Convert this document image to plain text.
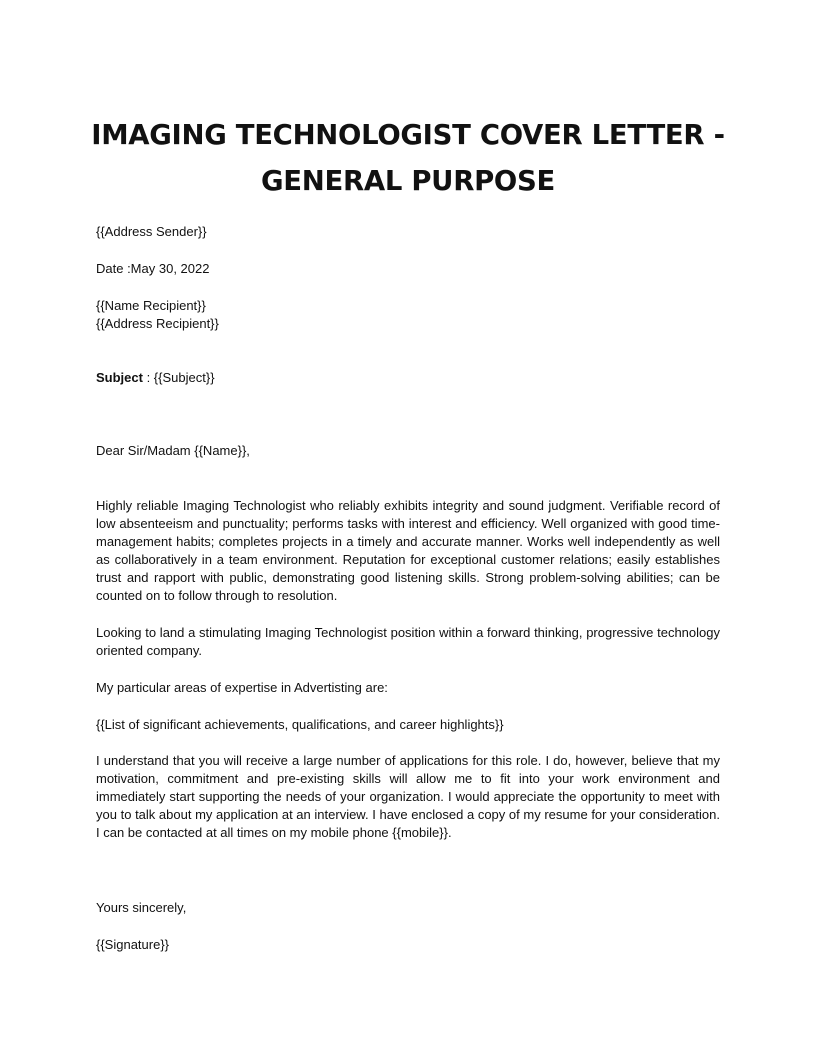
IMAGING TECHNOLOGIST COVER LETTER -
GENERAL PURPOSE
{{Address Sender}}
Date :May 30, 2022
{{Name Recipient}}
{{Address Recipient}}
Subject : {{Subject}}
Dear Sir/Madam {{Name}},

Highly reliable Imaging Technologist who reliably exhibits integrity and sound judgment. Verifiable record of low absenteeism and punctuality; performs tasks with interest and efficiency. Well organized with good time-management habits; completes projects in a timely and accurate manner. Works well independently as well as collaboratively in a team environment. Reputation for exceptional customer relations; easily establishes trust and rapport with public, demonstrating good listening skills. Strong problem-solving abilities; can be counted on to follow through to resolution.

Looking to land a stimulating Imaging Technologist position within a forward thinking, progressive technology oriented company.

My particular areas of expertise in Advertisting are:

{{List of significant achievements, qualifications, and career highlights}}

I understand that you will receive a large number of applications for this role. I do, however, believe that my motivation, commitment and pre-existing skills will allow me to fit into your work environment and immediately start supporting the needs of your organization. I would appreciate the opportunity to meet with you to talk about my application at an interview. I have enclosed a copy of my resume for your consideration. I can be contacted at all times on my mobile phone {{mobile}}.

Yours sincerely,
{{Signature}}
